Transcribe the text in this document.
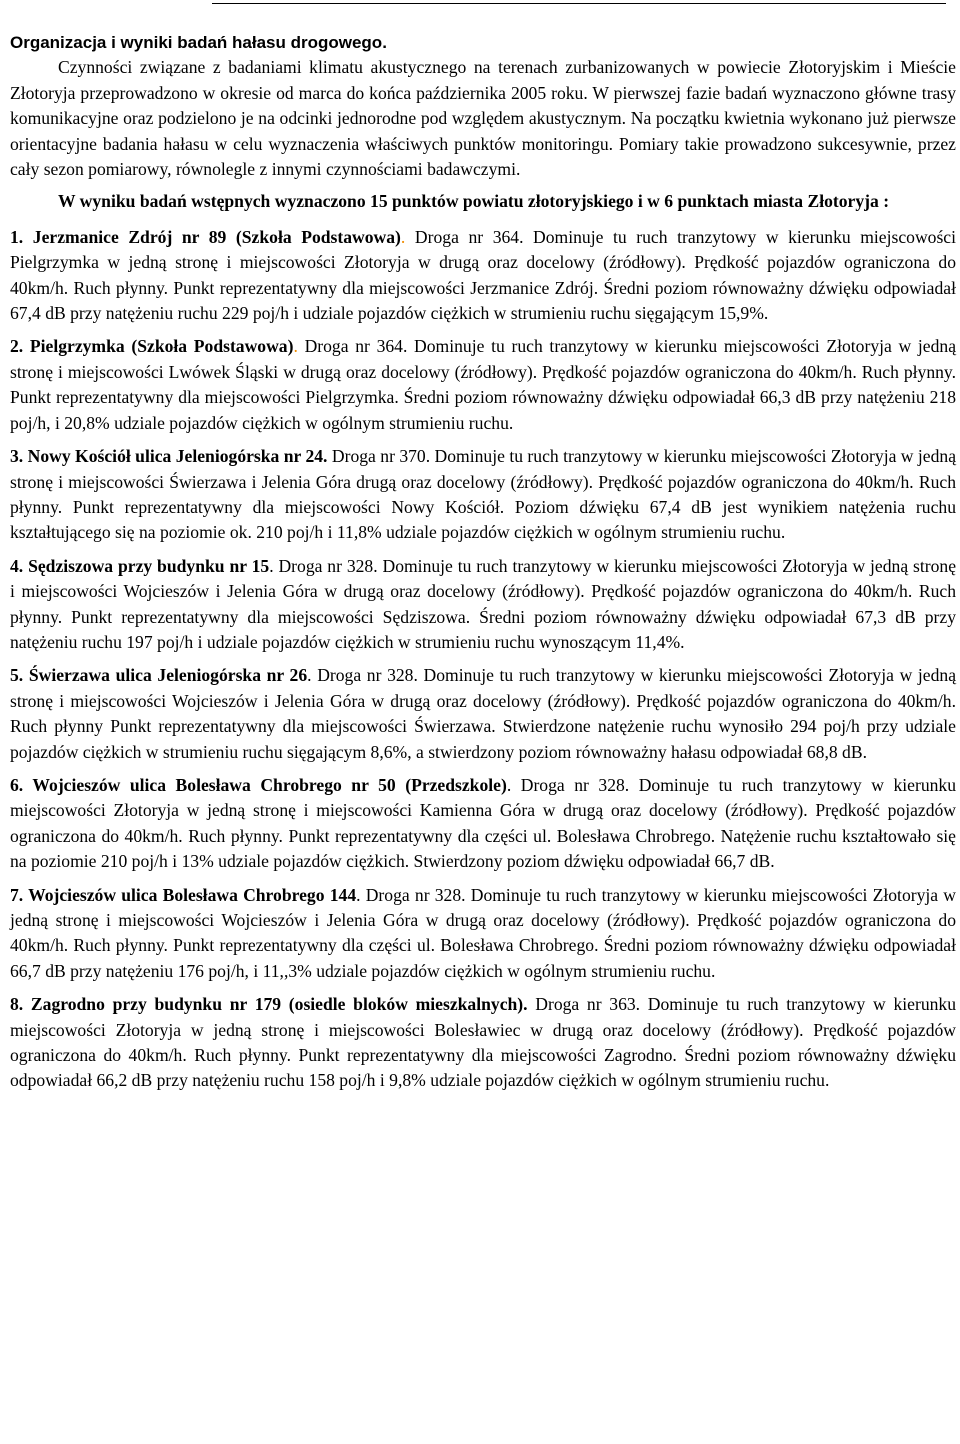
Organizacja i wyniki badań hałasu drogowego.

Czynności związane z badaniami klimatu akustycznego na terenach zurbanizowanych w powiecie Złotoryjskim i Mieście Złotoryja przeprowadzono w okresie od marca do końca października 2005 roku. W pierwszej fazie badań wyznaczono główne trasy komunikacyjne oraz podzielono je na odcinki jednorodne pod względem akustycznym. Na początku kwietnia wykonano już pierwsze orientacyjne badania hałasu w celu wyznaczenia właściwych punktów monitoringu. Pomiary takie prowadzono sukcesywnie, przez cały sezon pomiarowy, równolegle z innymi czynnościami badawczymi.

W wyniku badań wstępnych wyznaczono 15 punktów powiatu złotoryjskiego i w 6 punktach miasta Złotoryja :

1. Jerzmanice Zdrój nr 89 (Szkoła Podstawowa). Droga nr 364. Dominuje tu ruch tranzytowy w kierunku miejscowości Pielgrzymka w jedną stronę i miejscowości Złotoryja w drugą oraz docelowy (źródłowy). Prędkość pojazdów ograniczona do 40km/h. Ruch płynny. Punkt reprezentatywny dla miejscowości Jerzmanice Zdrój. Średni poziom równoważny dźwięku odpowiadał 67,4 dB przy natężeniu ruchu 229 poj/h i udziale pojazdów ciężkich w strumieniu ruchu sięgającym 15,9%.

2. Pielgrzymka (Szkoła Podstawowa). Droga nr 364. Dominuje tu ruch tranzytowy w kierunku miejscowości Złotoryja w jedną stronę i miejscowości Lwówek Śląski w drugą oraz docelowy (źródłowy). Prędkość pojazdów ograniczona do 40km/h. Ruch płynny. Punkt reprezentatywny dla miejscowości Pielgrzymka. Średni poziom równoważny dźwięku odpowiadał 66,3 dB przy natężeniu 218 poj/h, i 20,8% udziale pojazdów ciężkich w ogólnym strumieniu ruchu.

3. Nowy Kościół ulica Jeleniogórska nr 24. Droga nr 370. Dominuje tu ruch tranzytowy w kierunku miejscowości Złotoryja w jedną stronę i miejscowości Świerzawa i Jelenia Góra drugą oraz docelowy (źródłowy). Prędkość pojazdów ograniczona do 40km/h. Ruch płynny. Punkt reprezentatywny dla miejscowości Nowy Kościół. Poziom dźwięku 67,4 dB jest wynikiem natężenia ruchu kształtującego się na poziomie ok. 210 poj/h i 11,8% udziale pojazdów ciężkich w ogólnym strumieniu ruchu.

4. Sędziszowa przy budynku nr 15. Droga nr 328. Dominuje tu ruch tranzytowy w kierunku miejscowości Złotoryja w jedną stronę i miejscowości Wojcieszów i Jelenia Góra w drugą oraz docelowy (źródłowy). Prędkość pojazdów ograniczona do 40km/h. Ruch płynny. Punkt reprezentatywny dla miejscowości Sędziszowa. Średni poziom równoważny dźwięku odpowiadał 67,3 dB przy natężeniu ruchu 197 poj/h i udziale pojazdów ciężkich w strumieniu ruchu wynoszącym 11,4%.

5. Świerzawa ulica Jeleniogórska nr 26. Droga nr 328. Dominuje tu ruch tranzytowy w kierunku miejscowości Złotoryja w jedną stronę i miejscowości Wojcieszów i Jelenia Góra w drugą oraz docelowy (źródłowy). Prędkość pojazdów ograniczona do 40km/h. Ruch płynny Punkt reprezentatywny dla miejscowości Świerzawa. Stwierdzone natężenie ruchu wynosiło 294 poj/h przy udziale pojazdów ciężkich w strumieniu ruchu sięgającym 8,6%, a stwierdzony poziom równoważny hałasu odpowiadał 68,8 dB.

6. Wojcieszów ulica Bolesława Chrobrego nr 50 (Przedszkole). Droga nr 328. Dominuje tu ruch tranzytowy w kierunku miejscowości Złotoryja w jedną stronę i miejscowości Kamienna Góra w drugą oraz docelowy (źródłowy). Prędkość pojazdów ograniczona do 40km/h. Ruch płynny. Punkt reprezentatywny dla części ul. Bolesława Chrobrego. Natężenie ruchu kształtowało się na poziomie 210 poj/h i 13% udziale pojazdów ciężkich. Stwierdzony poziom dźwięku odpowiadał 66,7 dB.

7. Wojcieszów ulica Bolesława Chrobrego 144. Droga nr 328. Dominuje tu ruch tranzytowy w kierunku miejscowości Złotoryja w jedną stronę i miejscowości Wojcieszów i Jelenia Góra w drugą oraz docelowy (źródłowy). Prędkość pojazdów ograniczona do 40km/h. Ruch płynny. Punkt reprezentatywny dla części ul. Bolesława Chrobrego. Średni poziom równoważny dźwięku odpowiadał 66,7 dB przy natężeniu 176 poj/h, i 11,,3% udziale pojazdów ciężkich w ogólnym strumieniu ruchu.

8. Zagrodno przy budynku nr 179 (osiedle bloków mieszkalnych). Droga nr 363. Dominuje tu ruch tranzytowy w kierunku miejscowości Złotoryja w jedną stronę i miejscowości Bolesławiec w drugą oraz docelowy (źródłowy). Prędkość pojazdów ograniczona do 40km/h. Ruch płynny. Punkt reprezentatywny dla miejscowości Zagrodno. Średni poziom równoważny dźwięku odpowiadał 66,2 dB przy natężeniu ruchu 158 poj/h i 9,8% udziale pojazdów ciężkich w ogólnym strumieniu ruchu.
